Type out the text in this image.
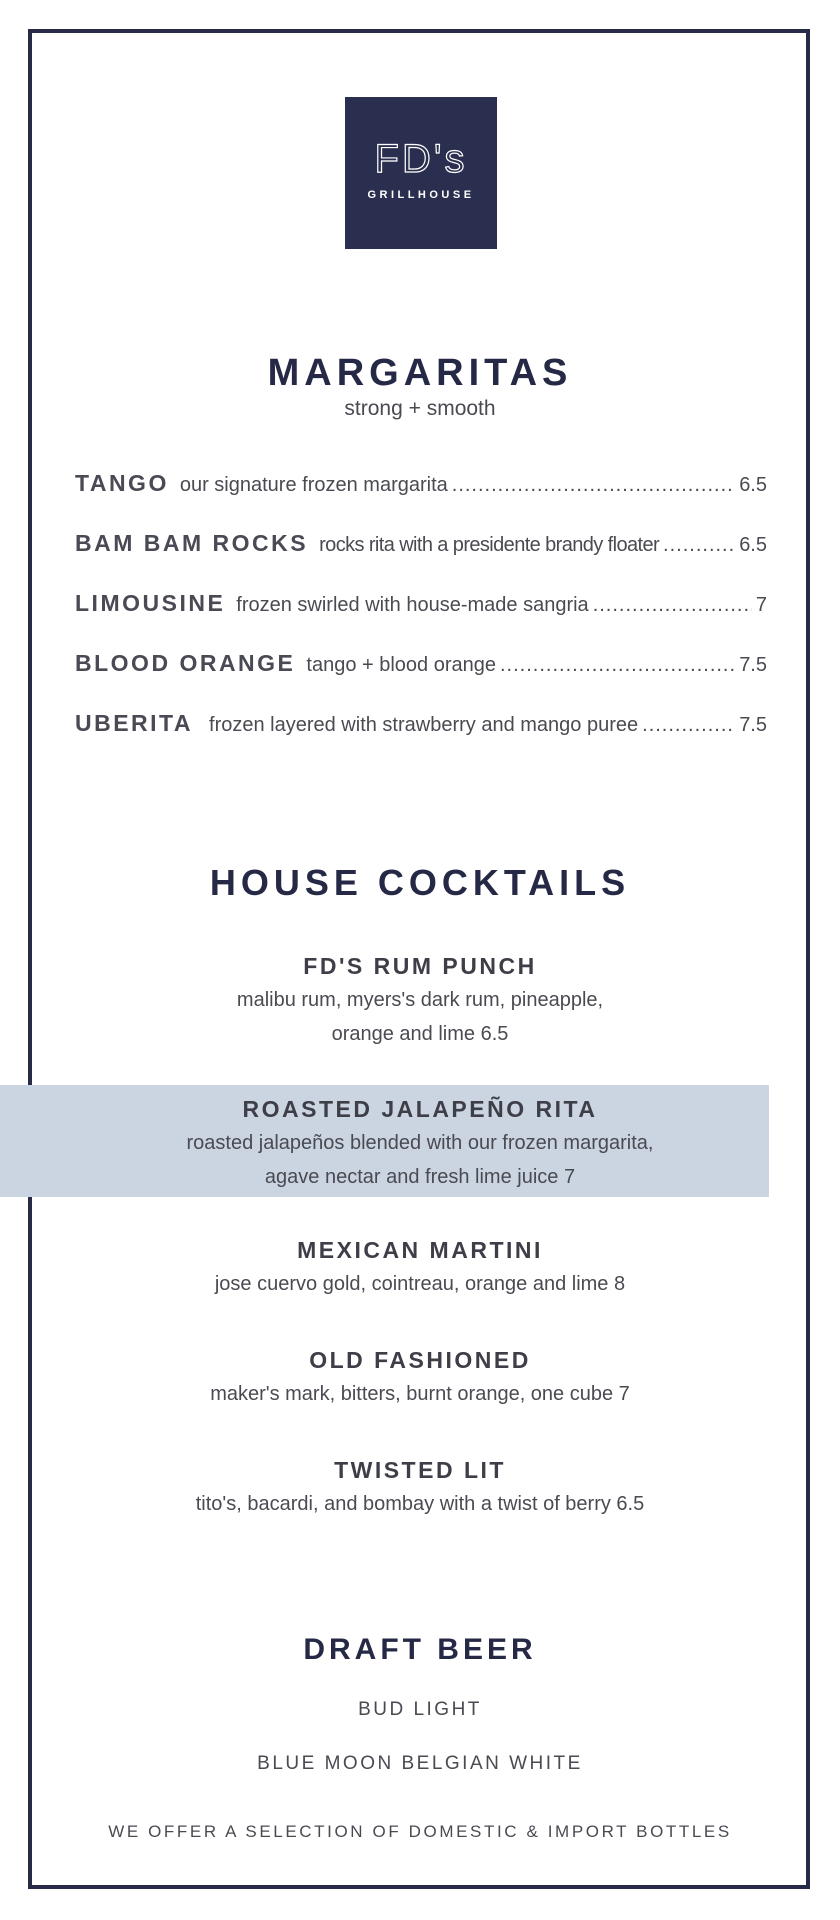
FD's
GRILLHOUSE
MARGARITAS
strong + smooth
TANGO our signature frozen margarita .....	6.5
BAM BAM ROCKS rocks rita with a presidente brandy floater .....	6.5
LIMOUSINE frozen swirled with house-made sangria .....	7
BLOOD ORANGE tango + blood orange .....	7.5
UBERITA frozen layered with strawberry and mango puree .....	7.5
HOUSE COCKTAILS
FD'S RUM PUNCH
malibu rum, myers's dark rum, pineapple,
orange and lime 6.5
ROASTED JALAPEÑO RITA
roasted jalapeños blended with our frozen margarita,
agave nectar and fresh lime juice 7
MEXICAN MARTINI
jose cuervo gold, cointreau, orange and lime 8
OLD FASHIONED
maker's mark, bitters, burnt orange, one cube 7
TWISTED LIT
tito's, bacardi, and bombay with a twist of berry 6.5
DRAFT BEER
BUD LIGHT
BLUE MOON BELGIAN WHITE
WE OFFER A SELECTION OF DOMESTIC & IMPORT BOTTLES
